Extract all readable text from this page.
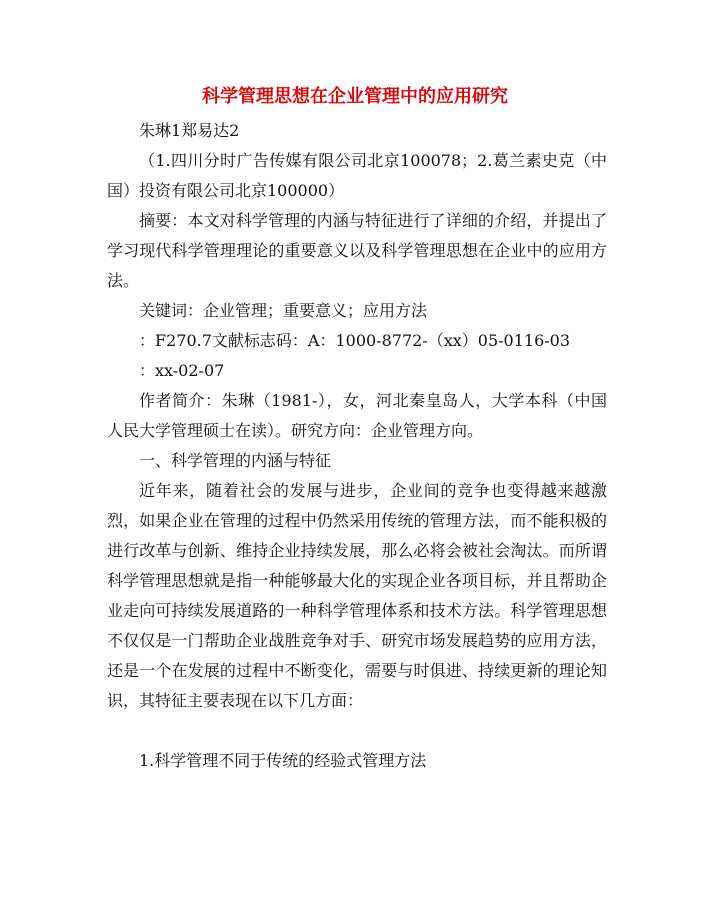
科学管理思想在企业管理中的应用研究
朱琳1郑易达2
（1.四川分时广告传媒有限公司北京100078；2.葛兰素史克（中国）投资有限公司北京100000）
摘要：本文对科学管理的内涵与特征进行了详细的介绍，并提出了学习现代科学管理理论的重要意义以及科学管理思想在企业中的应用方法。
关键词：企业管理；重要意义；应用方法
：F270.7文献标志码：A：1000-8772-（xx）05-0116-03
：xx-02-07
作者简介：朱琳（1981-），女，河北秦皇岛人，大学本科（中国人民大学管理硕士在读）。研究方向：企业管理方向。
一、科学管理的内涵与特征
近年来，随着社会的发展与进步，企业间的竞争也变得越来越激烈，如果企业在管理的过程中仍然采用传统的管理方法，而不能积极的进行改革与创新、维持企业持续发展，那么必将会被社会淘汰。而所谓科学管理思想就是指一种能够最大化的实现企业各项目标，并且帮助企业走向可持续发展道路的一种科学管理体系和技术方法。科学管理思想不仅仅是一门帮助企业战胜竞争对手、研究市场发展趋势的应用方法，还是一个在发展的过程中不断变化，需要与时俱进、持续更新的理论知识，其特征主要表现在以下几方面：
1.科学管理不同于传统的经验式管理方法
